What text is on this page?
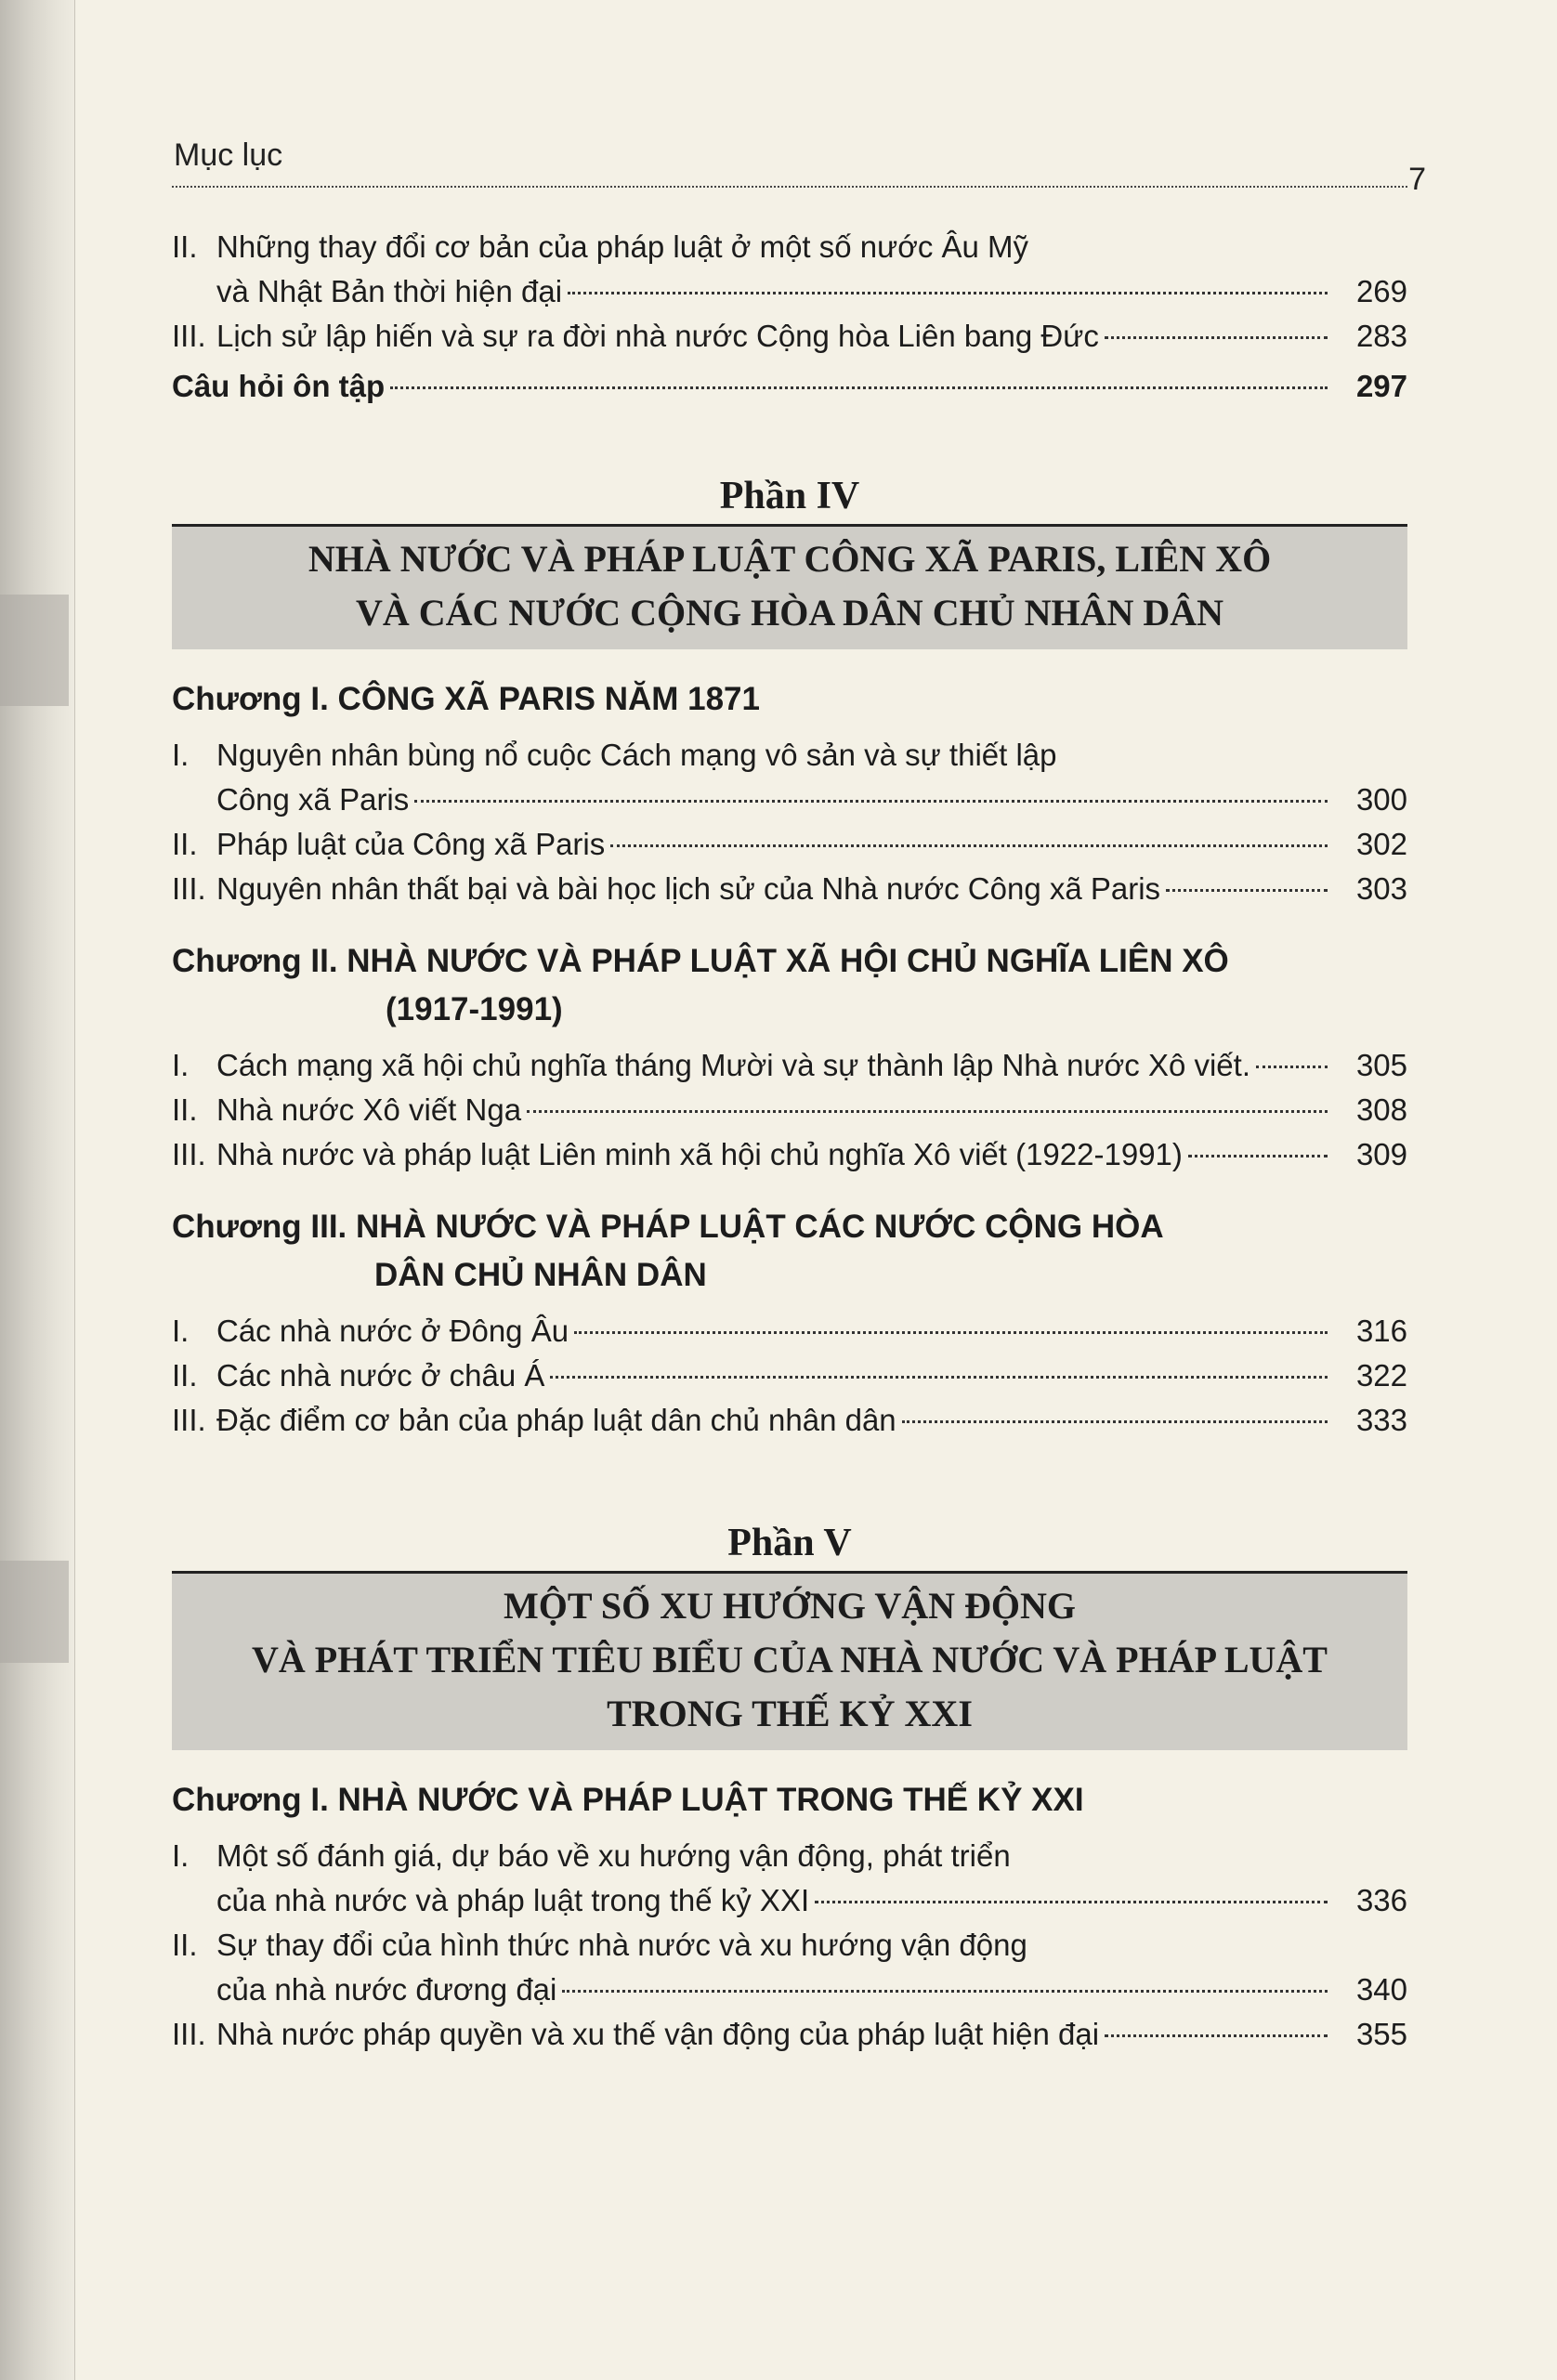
Mục lục
7
II. Những thay đổi cơ bản của pháp luật ở một số nước Âu Mỹ
và Nhật Bản thời hiện đại	269
III. Lịch sử lập hiến và sự ra đời nhà nước Cộng hòa Liên bang Đức	283
Câu hỏi ôn tập	297
Phần IV
NHÀ NƯỚC VÀ PHÁP LUẬT CÔNG XÃ PARIS, LIÊN XÔ
VÀ CÁC NƯỚC CỘNG HÒA DÂN CHỦ NHÂN DÂN
Chương I. CÔNG XÃ PARIS NĂM 1871
I. Nguyên nhân bùng nổ cuộc Cách mạng vô sản và sự thiết lập
Công xã Paris	300
II. Pháp luật của Công xã Paris	302
III. Nguyên nhân thất bại và bài học lịch sử của Nhà nước Công xã Paris	303
Chương II. NHÀ NƯỚC VÀ PHÁP LUẬT XÃ HỘI CHỦ NGHĨA LIÊN XÔ
(1917-1991)
I. Cách mạng xã hội chủ nghĩa tháng Mười và sự thành lập Nhà nước Xô viết.	305
II. Nhà nước Xô viết Nga	308
III. Nhà nước và pháp luật Liên minh xã hội chủ nghĩa Xô viết (1922-1991)	309
Chương III. NHÀ NƯỚC VÀ PHÁP LUẬT CÁC NƯỚC CỘNG HÒA
DÂN CHỦ NHÂN DÂN
I. Các nhà nước ở Đông Âu	316
II. Các nhà nước ở châu Á	322
III. Đặc điểm cơ bản của pháp luật dân chủ nhân dân	333
Phần V
MỘT SỐ XU HƯỚNG VẬN ĐỘNG
VÀ PHÁT TRIỂN TIÊU BIỂU CỦA NHÀ NƯỚC VÀ PHÁP LUẬT
TRONG THẾ KỶ XXI
Chương I. NHÀ NƯỚC VÀ PHÁP LUẬT TRONG THẾ KỶ XXI
I. Một số đánh giá, dự báo về xu hướng vận động, phát triển
của nhà nước và pháp luật trong thế kỷ XXI	336
II. Sự thay đổi của hình thức nhà nước và xu hướng vận động
của nhà nước đương đại	340
III. Nhà nước pháp quyền và xu thế vận động của pháp luật hiện đại	355
